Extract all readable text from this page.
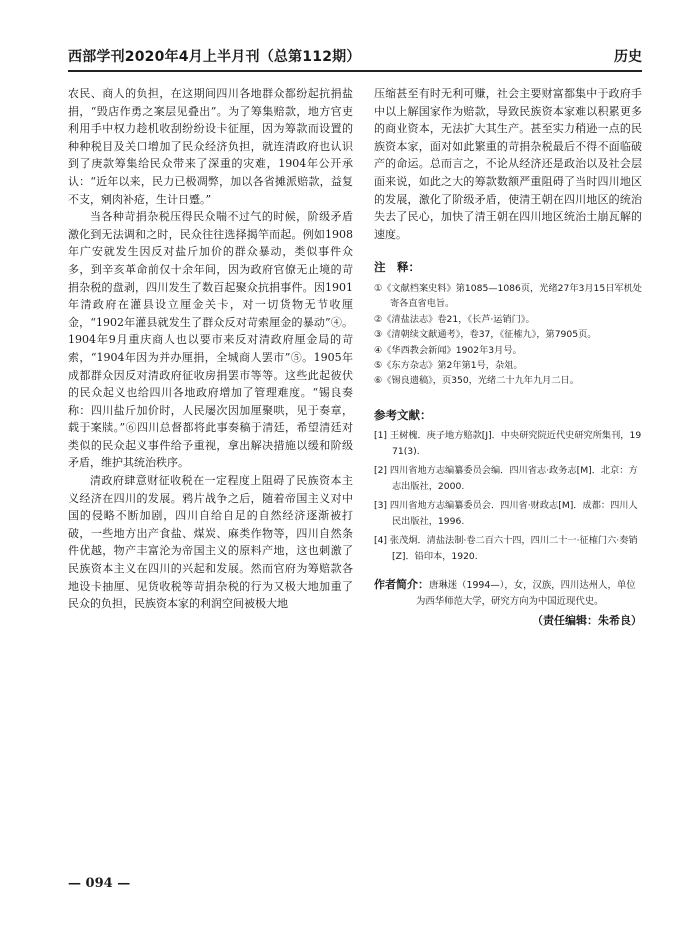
西部学刊2020年4月上半月刊（总第112期）	历史

农民、商人的负担，在这期间四川各地群众都纷起抗捐盐捐，“毁店作勇之案层见叠出”。为了筹集赔款，地方官吏利用手中权力趁机收刮纷纷设卡征厘，因为筹款而设置的种种税目及关口增加了民众经济负担，就连清政府也认识到了庚款筹集给民众带来了深重的灾难，1904年公开承认：“近年以来，民力已极凋弊，加以各省摊派赔款，益复不支，剜肉补疮，生计日蹙。”

当各种苛捐杂税压得民众喘不过气的时候，阶级矛盾激化到无法调和之时，民众往往选择揭竿而起。例如1908年广安就发生因反对盐斤加价的群众暴动，类似事件众多，到辛亥革命前仅十余年间，因为政府官僚无止境的苛捐杂税的盘剥，四川发生了数百起聚众抗捐事件。因1901年清政府在灌县设立厘金关卡，对一切货物无节收厘金，“1902年灌县就发生了群众反对苛索厘金的暴动”④。1904年9月重庆商人也以要市来反对清政府厘金局的苛索，“1904年因为并办厘捐，全城商人罢市”⑤。1905年成都群众因反对清政府征收房捐罢市等等。这些此起彼伏的民众起义也给四川各地政府增加了管理难度。“锡良奏称：四川盐斤加价时，人民屡次因加厘聚哄，见于奏章，载于案牍。”⑥四川总督都将此事奏稿于清廷，希望清廷对类似的民众起义事件给予重视，拿出解决措施以缓和阶级矛盾，维护其统治秩序。

清政府肆意财征收税在一定程度上阻碍了民族资本主义经济在四川的发展。鸦片战争之后，随着帝国主义对中国的侵略不断加剧，四川自给自足的自然经济逐渐被打破，一些地方出产食盐、煤炭、麻类作物等，四川自然条件优越，物产丰富沦为帝国主义的原料产地，这也刺激了民族资本主义在四川的兴起和发展。然而官府为筹赔款各地设卡抽厘、见货收税等苛捐杂税的行为又极大地加重了民众的负担，民族资本家的利润空间被极大地

压缩甚至有时无利可赚，社会主要财富都集中于政府手中以上解国家作为赔款，导致民族资本家难以积累更多的商业资本，无法扩大其生产。甚至实力稍逊一点的民族资本家，面对如此繁重的苛捐杂税最后不得不面临破产的命运。总而言之，不论从经济还是政治以及社会层面来说，如此之大的筹款数额严重阻碍了当时四川地区的发展，激化了阶级矛盾，使清王朝在四川地区的统治失去了民心，加快了清王朝在四川地区统治土崩瓦解的速度。

注　释：
①《文献档案史料》第1085—1086页，光绪27年3月15日军机处寄各直省电旨。
②《清盐法志》卷21，《长芦·运销门》。
③《清朝续文献通考》，卷37，《征榷九》，第7905页。
④《华西教会新闻》1902年3月号。
⑤《东方杂志》第2年第1号，杂俎。
⑥《锡良遗稿》，页350，光绪二十九年九月二日。
参考文献：
[1] 王树槐．庚子地方赔款[J]．中央研究院近代史研究所集刊，1971(3).
[2] 四川省地方志编纂委员会编．四川省志·政务志[M]．北京：方志出版社，2000.
[3] 四川省地方志编纂委员会．四川省·财政志[M]．成都：四川人民出版社，1996.
[4] 张茂炯．清盐法制·卷二百六十四，四川二十一·征榷门六·奏销[Z]．铅印本，1920.
作者简介：唐琳迷（1994—），女，汉族，四川达州人，单位
为西华师范大学，研究方向为中国近现代史。
（责任编辑：朱希良）
— 094 —
